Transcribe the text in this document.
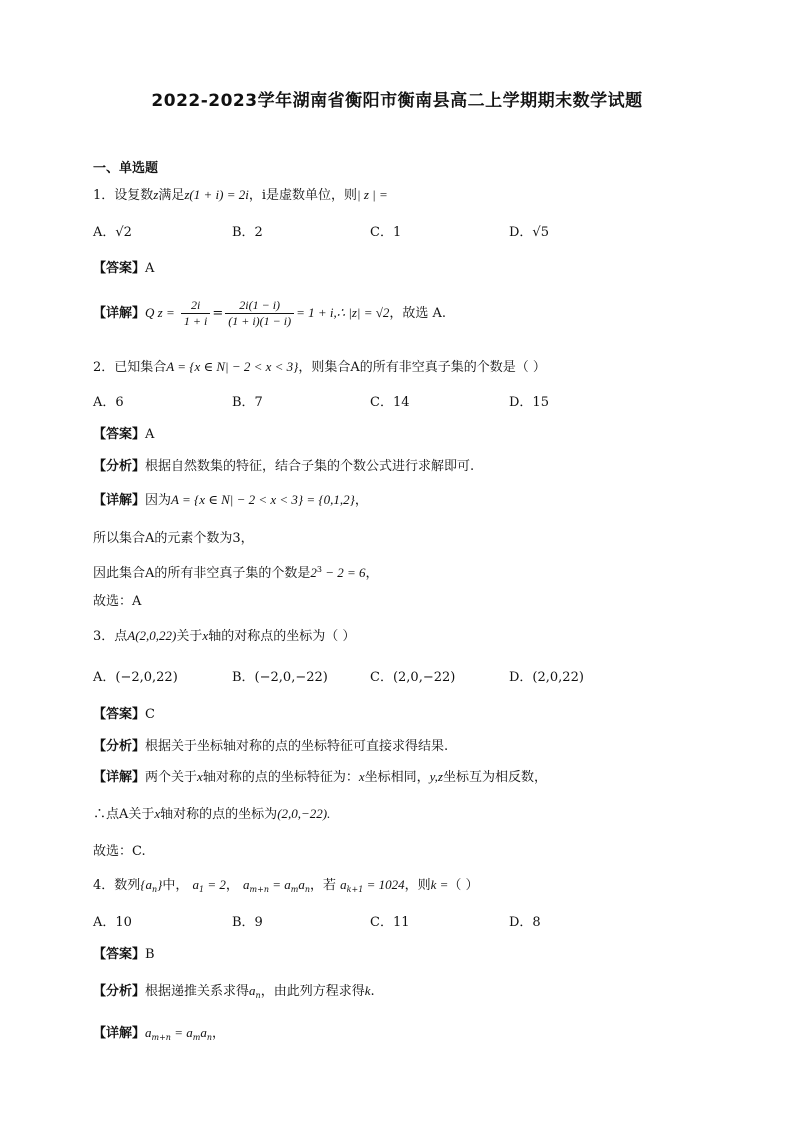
2022-2023学年湖南省衡阳市衡南县高二上学期期末数学试题
一、单选题
1．设复数z满足z(1 + i) = 2i，i是虚数单位，则| z | =
A．√2	B．2	C．1	D．√5
【答案】A
【详解】Q $z = \frac{2i}{1 + i} = \frac{2i(1 - i)}{(1 + i)(1 - i)} = 1$ + i,∴ |z| = √2，故选 A.
2．已知集合A = {x ∈ N| − 2 < x < 3}，则集合A的所有非空真子集的个数是（ ）
A．6	B．7	C．14	D．15
【答案】A
【分析】根据自然数集的特征，结合子集的个数公式进行求解即可.
【详解】因为A = {x ∈ N| − 2 < x < 3} = {0,1,2}，
所以集合A的元素个数为3，
因此集合A的所有非空真子集的个数是$2^3 - 2 = 6$，
故选：A
3．点A(2,0,22)关于x轴的对称点的坐标为（ ）
A．(−2,0,22)	B．(−2,0,−22)	C．(2,0,−22)	D．(2,0,22)
【答案】C
【分析】根据关于坐标轴对称的点的坐标特征可直接求得结果.
【详解】两个关于x轴对称的点的坐标特征为：x坐标相同，y,z坐标互为相反数，
∴点A关于x轴对称的点的坐标为(2,0,−22).
故选：C.
4．数列$\{a_n\}$中， $a_1 = 2$， $a_{m+n} = a_ma_n$，若 $a_{k+1} = 1024$，则k =（ ）
A．10	B．9	C．11	D．8
【答案】B
【分析】根据递推关系求得$a_n$，由此列方程求得k.
【详解】$a_{m+n} = a_ma_n$，
